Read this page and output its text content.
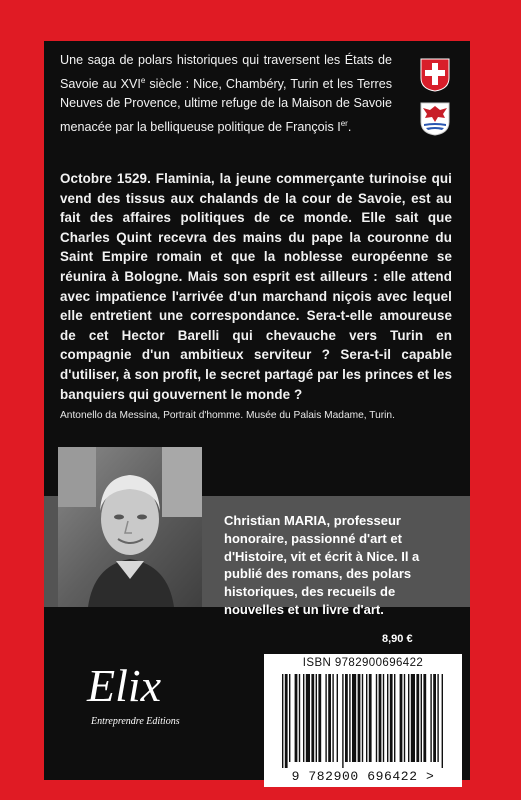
Une saga de polars historiques qui traversent les États de Savoie au XVIe siècle : Nice, Chambéry, Turin et les Terres Neuves de Provence, ultime refuge de la Maison de Savoie menacée par la belliqueuse politique de François Ier.

Octobre 1529. Flaminia, la jeune commerçante turinoise qui vend des tissus aux chalands de la cour de Savoie, est au fait des affaires politiques de ce monde. Elle sait que Charles Quint recevra des mains du pape la couronne du Saint Empire romain et que la noblesse européenne se réunira à Bologne. Mais son esprit est ailleurs : elle attend avec impatience l'arrivée d'un marchand niçois avec lequel elle entretient une correspondance. Sera-t-elle amoureuse de cet Hector Barelli qui chevauche vers Turin en compagnie d'un ambitieux serviteur ? Sera-t-il capable d'utiliser, à son profit, le secret partagé par les princes et les banquiers qui gouvernent le monde ?

Antonello da Messina, Portrait d'homme. Musée du Palais Madame, Turin.

Christian MARIA, professeur honoraire, passionné d'art et d'Histoire, vit et écrit à Nice. Il a publié des romans, des polars historiques, des recueils de nouvelles et un livre d'art.

8,90 €

Elix

Entreprendre Editions

ISBN 9782900696422

9 782900 696422 >
